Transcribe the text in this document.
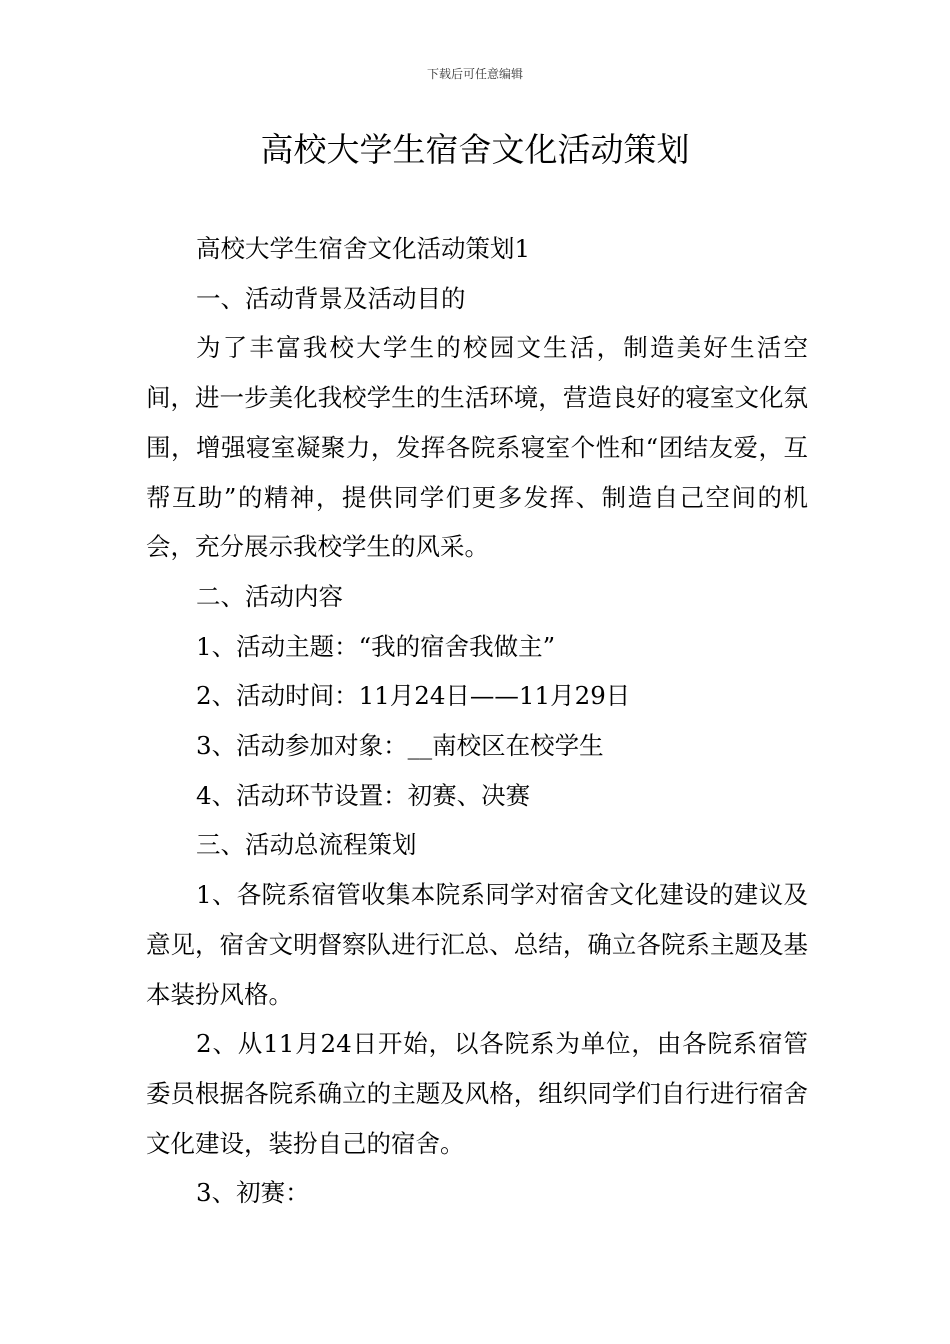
下载后可任意编辑
高校大学生宿舍文化活动策划

高校大学生宿舍文化活动策划1

一、活动背景及活动目的

为了丰富我校大学生的校园文生活，制造美好生活空间，进一步美化我校学生的生活环境，营造良好的寝室文化氛围，增强寝室凝聚力，发挥各院系寝室个性和“团结友爱，互帮互助”的精神，提供同学们更多发挥、制造自己空间的机会，充分展示我校学生的风采。

二、活动内容

1、活动主题：“我的宿舍我做主”

2、活动时间：11月24日——11月29日

3、活动参加对象：__南校区在校学生

4、活动环节设置：初赛、决赛

三、活动总流程策划

1、各院系宿管收集本院系同学对宿舍文化建设的建议及意见，宿舍文明督察队进行汇总、总结，确立各院系主题及基本装扮风格。

2、从11月24日开始，以各院系为单位，由各院系宿管委员根据各院系确立的主题及风格，组织同学们自行进行宿舍文化建设，装扮自己的宿舍。

3、初赛：
